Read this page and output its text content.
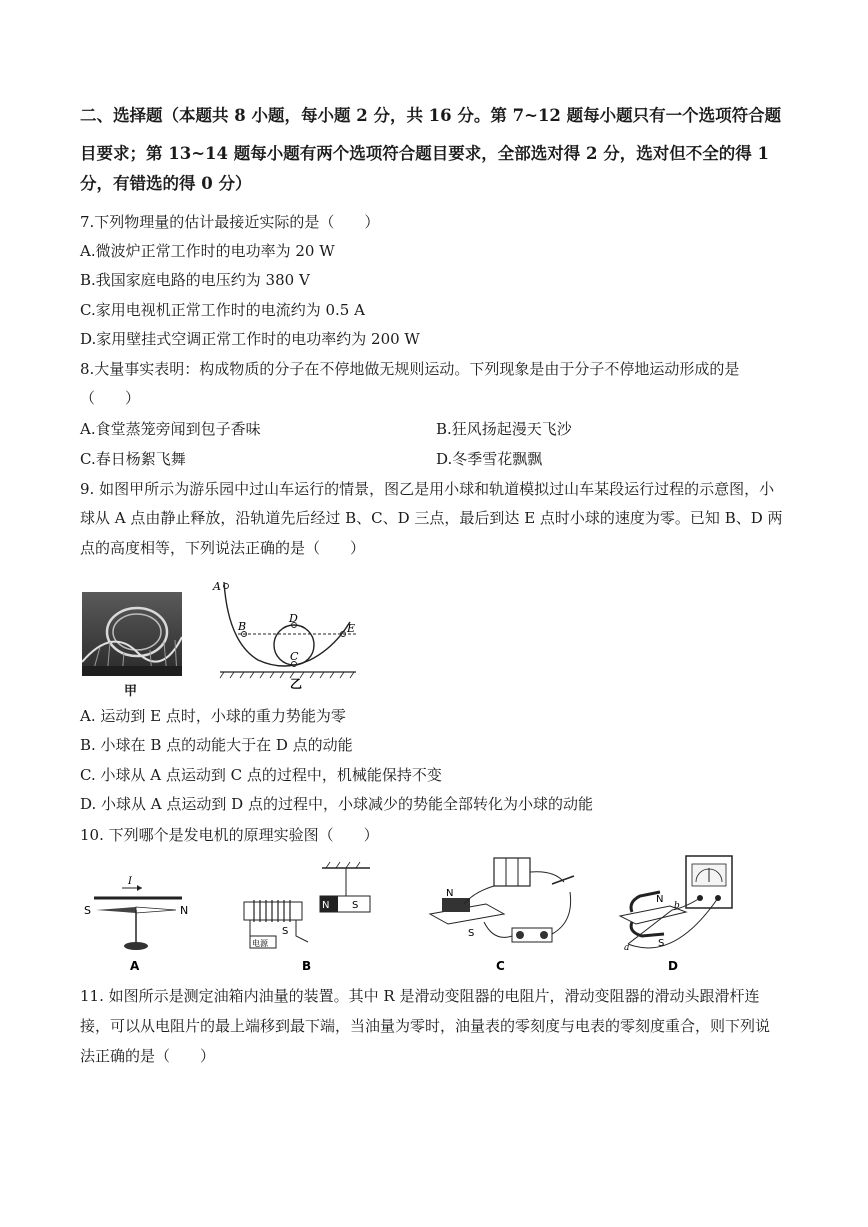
二、选择题（本题共 8 小题，每小题 2 分，共 16 分。第 7~12 题每小题只有一个选项符合题
目要求；第 13~14 题每小题有两个选项符合题目要求，全部选对得 2 分，选对但不全的得 1
分，有错选的得 0 分）
7.下列物理量的估计最接近实际的是（　　）
A.微波炉正常工作时的电功率为 20 W
B.我国家庭电路的电压约为 380 V
C.家用电视机正常工作时的电流约为 0.5 A
D.家用壁挂式空调正常工作时的电功率约为 200 W
8.大量事实表明：构成物质的分子在不停地做无规则运动。下列现象是由于分子不停地运动形成的是
（　　）
A.食堂蒸笼旁闻到包子香味	B.狂风扬起漫天飞沙
C.春日杨絮飞舞	D.冬季雪花飘飘
9. 如图甲所示为游乐园中过山车运行的情景，图乙是用小球和轨道模拟过山车某段运行过程的示意图，小
球从 A 点由静止释放，沿轨道先后经过 B、C、D 三点，最后到达 E 点时小球的速度为零。已知 B、D 两
点的高度相等，下列说法正确的是（　　）
甲
A
B
D
C
E
乙
A. 运动到 E 点时，小球的重力势能为零
B. 小球在 B 点的动能大于在 D 点的动能
C. 小球从 A 点运动到 C 点的过程中，机械能保持不变
D. 小球从 A 点运动到 D 点的过程中，小球减少的势能全部转化为小球的动能
10. 下列哪个是发电机的原理实验图（　　）
I
S	N
A
N S
电源
S
B
N
S
C
N
S
a
b
D
11. 如图所示是测定油箱内油量的装置。其中 R 是滑动变阻器的电阻片，滑动变阻器的滑动头跟滑杆连
接，可以从电阻片的最上端移到最下端，当油量为零时，油量表的零刻度与电表的零刻度重合，则下列说
法正确的是（　　）
